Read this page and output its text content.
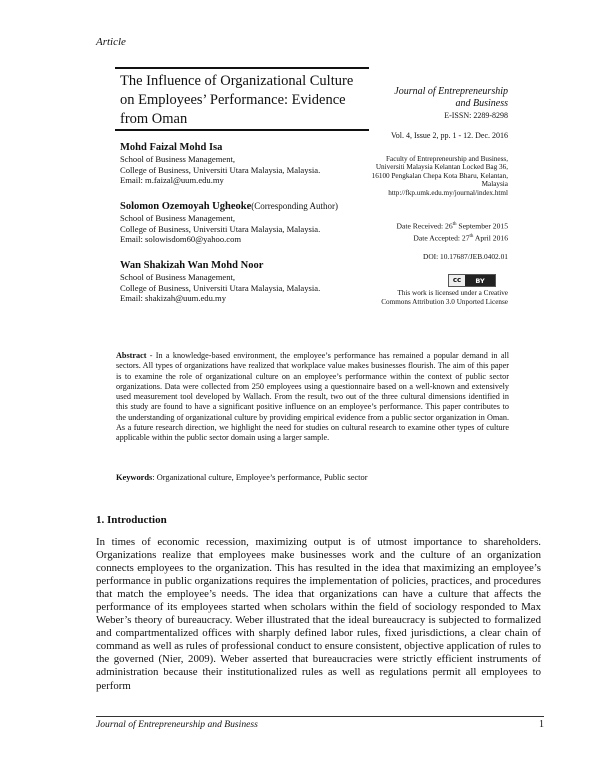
Article
The Influence of Organizational Culture on Employees’ Performance: Evidence from Oman
Journal of Entrepreneurship and Business
E-ISSN: 2289-8298
Vol. 4, Issue 2, pp. 1 - 12. Dec. 2016
Faculty of Entrepreneurship and Business, Universiti Malaysia Kelantan Locked Bag 36, 16100 Pengkalan Chepa Kota Bharu, Kelantan, Malaysia http://fkp.umk.edu.my/journal/index.html
Date Received: 26th September 2015
Date Accepted: 27th April 2016
DOI: 10.17687/JEB.0402.01
cc	BY
This work is licensed under a Creative Commons Attribution 3.0 Unported License
Mohd Faizal Mohd Isa
School of Business Management,
College of Business, Universiti Utara Malaysia, Malaysia.
Email: m.faizal@uum.edu.my
Solomon Ozemoyah Ugheoke(Corresponding Author)
School of Business Management,
College of Business, Universiti Utara Malaysia, Malaysia.
Email: solowisdom60@yahoo.com
Wan Shakizah Wan Mohd Noor
School of Business Management,
College of Business, Universiti Utara Malaysia, Malaysia.
Email: shakizah@uum.edu.my
Abstract - In a knowledge-based environment, the employee’s performance has remained a popular demand in all sectors. All types of organizations have realized that workplace value makes businesses flourish. The aim of this paper is to examine the role of organizational culture on an employee’s performance within the context of public sector organizations. Data were collected from 250 employees using a questionnaire based on a well-known and extensively used measurement tool developed by Wallach. From the result, two out of the three cultural dimensions identified in this study are found to have a significant positive influence on an employee’s performance. This paper contributes to the understanding of organizational culture by providing empirical evidence from a public sector organization in Oman. As a future research direction, we highlight the need for studies on cultural research to examine other types of culture applicable within the public sector domain using a larger sample.
Keywords: Organizational culture, Employee’s performance, Public sector
1. Introduction
In times of economic recession, maximizing output is of utmost importance to shareholders. Organizations realize that employees make businesses work and the culture of an organization connects employees to the organization. This has resulted in the idea that maximizing an employee’s performance in public organizations requires the implementation of policies, practices, and procedures that match the employee’s needs. The idea that organizations can have a culture that affects the performance of its employees started when scholars within the field of sociology responded to Max Weber’s theory of bureaucracy. Weber illustrated that the ideal bureaucracy is subjected to formalized and compartmentalized offices with sharply defined labor rules, fixed jurisdictions, a clear chain of command as well as rules of professional conduct to ensure consistent, objective application of rules to the governed (Nier, 2009). Weber asserted that bureaucracies were strictly efficient instruments of administration because their institutionalized rules as well as regulations permit all employees to perform
Journal of Entrepreneurship and Business	1
